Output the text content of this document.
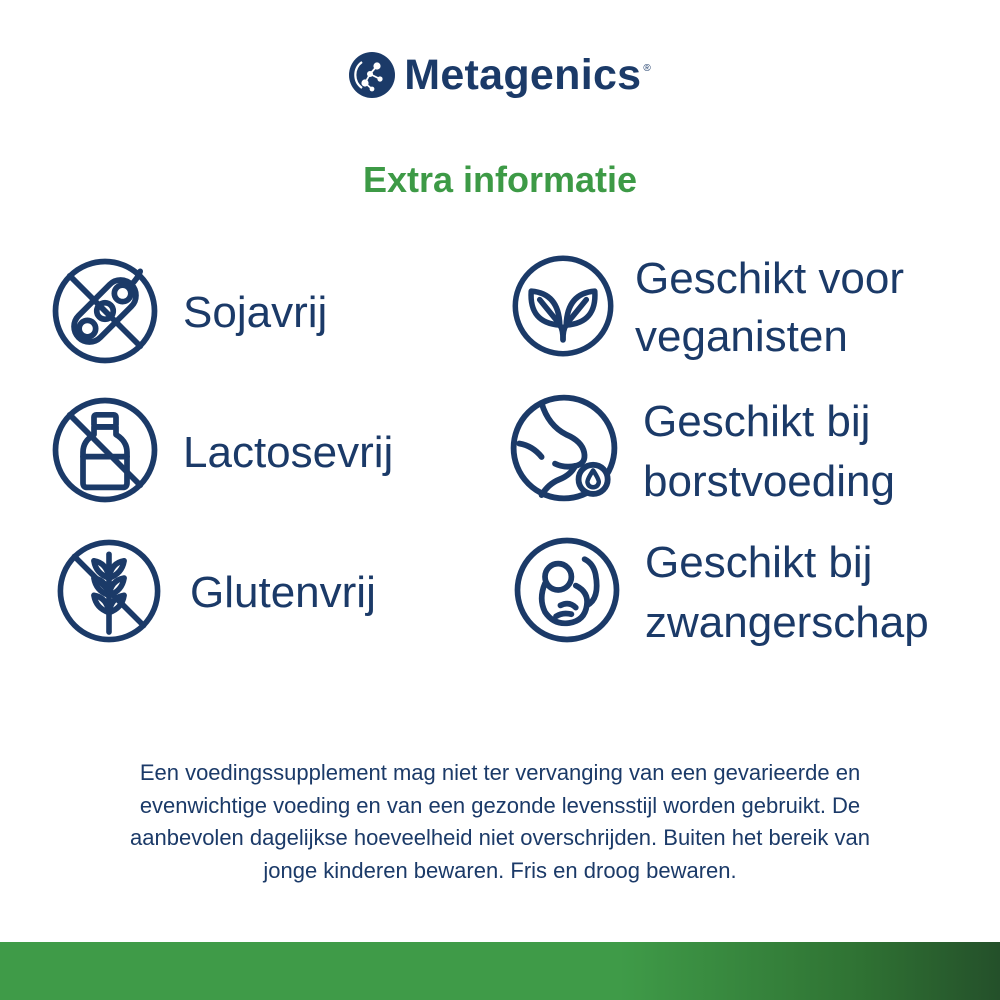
Metagenics ®
Extra informatie
Sojavrij
Lactosevrij
Glutenvrij
Geschikt voor
veganisten
Geschikt bij
borstvoeding
Geschikt bij
zwangerschap
Een voedingssupplement mag niet ter vervanging van een gevarieerde en
evenwichtige voeding en van een gezonde levensstijl worden gebruikt. De
aanbevolen dagelijkse hoeveelheid niet overschrijden. Buiten het bereik van
jonge kinderen bewaren. Fris en droog bewaren.
